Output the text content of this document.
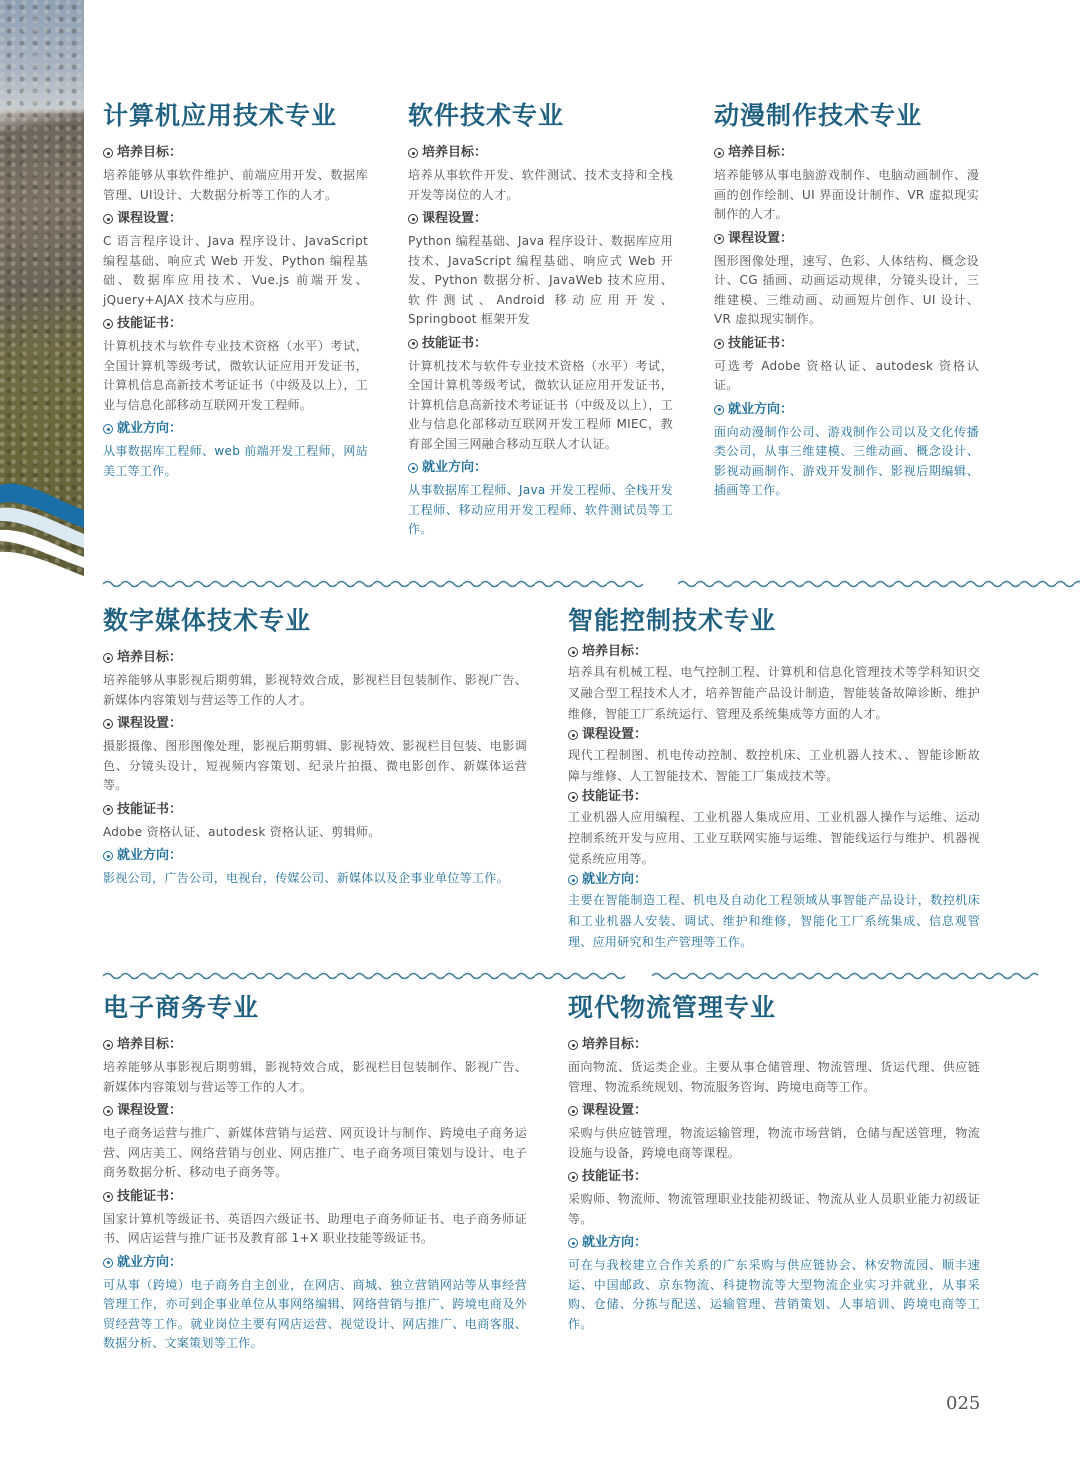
计算机应用技术专业
培养目标：

培养能够从事软件维护、前端应用开发、数据库管理、UI设计、大数据分析等工作的人才。

课程设置：

C 语言程序设计、Java 程序设计、JavaScript 编程基础、响应式 Web 开发、Python 编程基础、数据库应用技术、Vue.js 前端开发、jQuery+AJAX 技术与应用。

技能证书：

计算机技术与软件专业技术资格（水平）考试，全国计算机等级考试，微软认证应用开发证书，计算机信息高新技术考证证书（中级及以上），工业与信息化部移动互联网开发工程师。

就业方向：

从事数据库工程师、web 前端开发工程师，网站美工等工作。

软件技术专业
培养目标：

培养从事软件开发、软件测试、技术支持和全栈开发等岗位的人才。

课程设置：

Python 编程基础、Java 程序设计、数据库应用技术、JavaScript 编程基础、响应式 Web 开发、Python 数据分析、JavaWeb 技术应用、软件测试、Android 移动应用开发、Springboot 框架开发

技能证书：

计算机技术与软件专业技术资格（水平）考试，全国计算机等级考试，微软认证应用开发证书，计算机信息高新技术考证证书（中级及以上），工业与信息化部移动互联网开发工程师 MIEC，教育部全国三网融合移动互联人才认证。

就业方向：

从事数据库工程师、Java 开发工程师、全栈开发工程师、移动应用开发工程师、软件测试员等工作。

动漫制作技术专业
培养目标：

培养能够从事电脑游戏制作、电脑动画制作、漫画的创作绘制、UI 界面设计制作、VR 虚拟现实制作的人才。

课程设置：

图形图像处理，速写、色彩、人体结构、概念设计、CG 插画、动画运动规律，分镜头设计，三维建模、三维动画、动画短片创作、UI 设计、VR 虚拟现实制作。

技能证书：

可选考 Adobe 资格认证、autodesk 资格认证。

就业方向：

面向动漫制作公司、游戏制作公司以及文化传播类公司，从事三维建模、三维动画、概念设计、影视动画制作、游戏开发制作、影视后期编辑、插画等工作。

数字媒体技术专业
培养目标：

培养能够从事影视后期剪辑，影视特效合成，影视栏目包装制作、影视广告、新媒体内容策划与营运等工作的人才。

课程设置：

摄影摄像、图形图像处理，影视后期剪辑、影视特效、影视栏目包装、电影调色、分镜头设计，短视频内容策划、纪录片拍摄、微电影创作、新媒体运营等。

技能证书：

Adobe 资格认证、autodesk 资格认证、剪辑师。

就业方向：

影视公司，广告公司，电视台，传媒公司、新媒体以及企事业单位等工作。

智能控制技术专业
培养目标：

培养具有机械工程、电气控制工程、计算机和信息化管理技术等学科知识交叉融合型工程技术人才，培养智能产品设计制造，智能装备故障诊断、维护维修，智能工厂系统运行、管理及系统集成等方面的人才。

课程设置：

现代工程制图、机电传动控制、数控机床、工业机器人技术、、智能诊断故障与维修、人工智能技术、智能工厂集成技术等。

技能证书：

工业机器人应用编程、工业机器人集成应用、工业机器人操作与运维、运动控制系统开发与应用、工业互联网实施与运维、智能线运行与维护、机器视觉系统应用等。

就业方向：

主要在智能制造工程、机电及自动化工程领域从事智能产品设计，数控机床和工业机器人安装、调试、维护和维修，智能化工厂系统集成、信息观管理、应用研究和生产管理等工作。

电子商务专业
培养目标：

培养能够从事影视后期剪辑，影视特效合成，影视栏目包装制作、影视广告、新媒体内容策划与营运等工作的人才。

课程设置：

电子商务运营与推广、新媒体营销与运营、网页设计与制作、跨境电子商务运营、网店美工、网络营销与创业、网店推广、电子商务项目策划与设计、电子商务数据分析、移动电子商务等。

技能证书：

国家计算机等级证书、英语四六级证书、助理电子商务师证书、电子商务师证书、网店运营与推广证书及教育部 1+X 职业技能等级证书。

就业方向：

可从事（跨境）电子商务自主创业，在网店、商城、独立营销网站等从事经营管理工作，亦可到企事业单位从事网络编辑、网络营销与推广、跨境电商及外贸经营等工作。就业岗位主要有网店运营、视觉设计、网店推广、电商客服、数据分析、文案策划等工作。

现代物流管理专业
培养目标：

面向物流、货运类企业。主要从事仓储管理、物流管理、货运代理、供应链管理、物流系统规划、物流服务咨询、跨境电商等工作。

课程设置：

采购与供应链管理，物流运输管理，物流市场营销，仓储与配送管理，物流设施与设备，跨境电商等课程。

技能证书：

采购师、物流师、物流管理职业技能初级证、物流从业人员职业能力初级证等。

就业方向：

可在与我校建立合作关系的广东采购与供应链协会、林安物流园、顺丰速运、中国邮政、京东物流、科捷物流等大型物流企业实习并就业，从事采购、仓储、分拣与配送、运输管理、营销策划、人事培训、跨境电商等工作。

025
